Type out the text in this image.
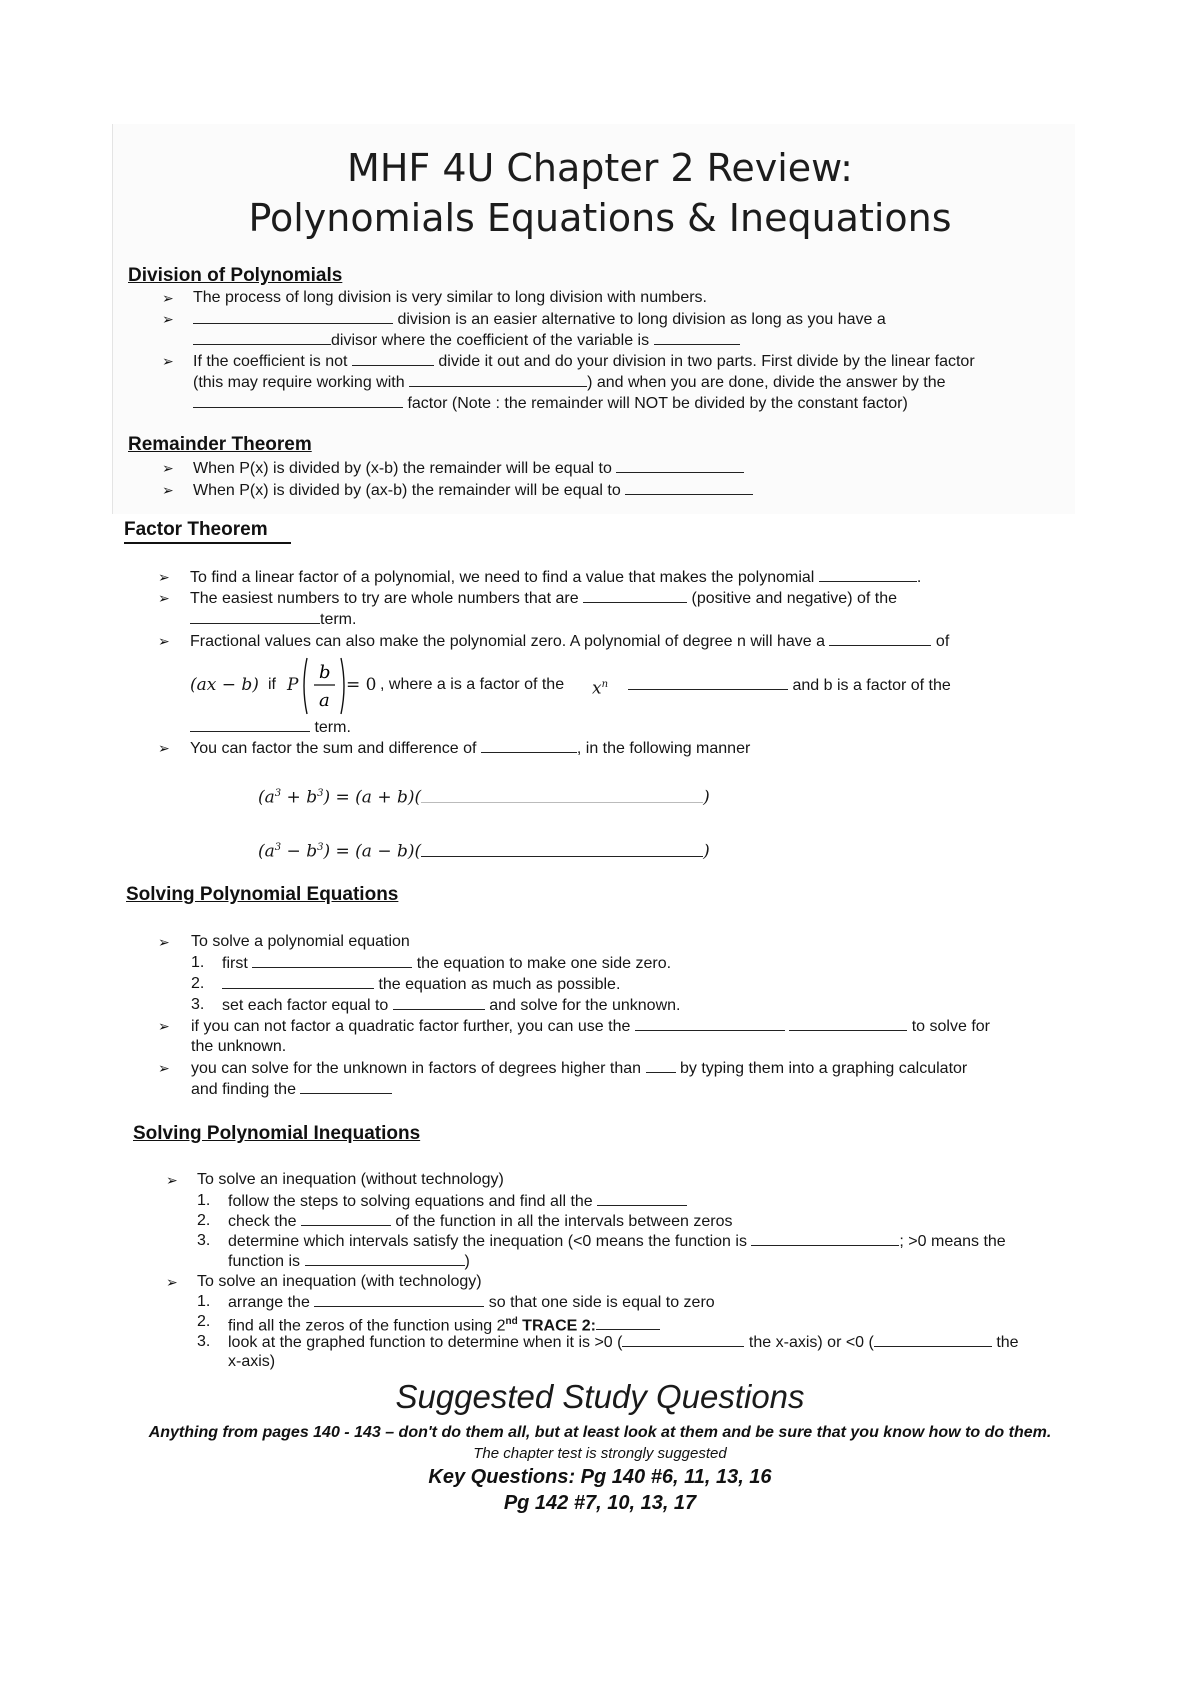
MHF 4U Chapter 2 Review:
Polynomials Equations & Inequations
Division of Polynomials
➢ The process of long division is very similar to long division with numbers.
➢	division is an easier alternative to long division as long as you have a
divisor where the coefficient of the variable is
➢ If the coefficient is not	divide it out and do your division in two parts. First divide by the linear factor
(this may require working with	) and when you are done, divide the answer by the
factor (Note : the remainder will NOT be divided by the constant factor)
Remainder Theorem
➢ When P(x) is divided by (x-b) the remainder will be equal to
➢ When P(x) is divided by (ax-b) the remainder will be equal to
Factor Theorem
➢ To find a linear factor of a polynomial, we need to find a value that makes the polynomial	.
➢ The easiest numbers to try are whole numbers that are	(positive and negative) of the
term.
➢ Fractional values can also make the polynomial zero. A polynomial of degree n will have a	of
(ax − b) if P
b
a
= 0 , where a is a factor of the $x^n$	and b is a factor of the
term.
➢ You can factor the sum and difference of	, in the following manner
$(a^3 + b^3) = (a + b)$(	)
$(a^3 - b^3) = (a - b)$(	)
Solving Polynomial Equations
➢ To solve a polynomial equation
1. first	the equation to make one side zero.
2.	the equation as much as possible.
3. set each factor equal to	and solve for the unknown.
➢ if you can not factor a quadratic factor further, you can use the	to solve for
the unknown.
➢ you can solve for the unknown in factors of degrees higher than by typing them into a graphing calculator
and finding the
Solving Polynomial Inequations
➢ To solve an inequation (without technology)
1. follow the steps to solving equations and find all the
2. check the	of the function in all the intervals between zeros
3. determine which intervals satisfy the inequation (<0 means the function is	; >0 means the
function is	)
➢ To solve an inequation (with technology)
1. arrange the	so that one side is equal to zero
2. find all the zeros of the function using 2nd TRACE 2:
3. look at the graphed function to determine when it is >0 (	the x-axis) or <0 (	the
x-axis)
Suggested Study Questions
Anything from pages 140 - 143 – don't do them all, but at least look at them and be sure that you know how to do them.
The chapter test is strongly suggested
Key Questions: Pg 140 #6, 11, 13, 16
Pg 142 #7, 10, 13, 17
